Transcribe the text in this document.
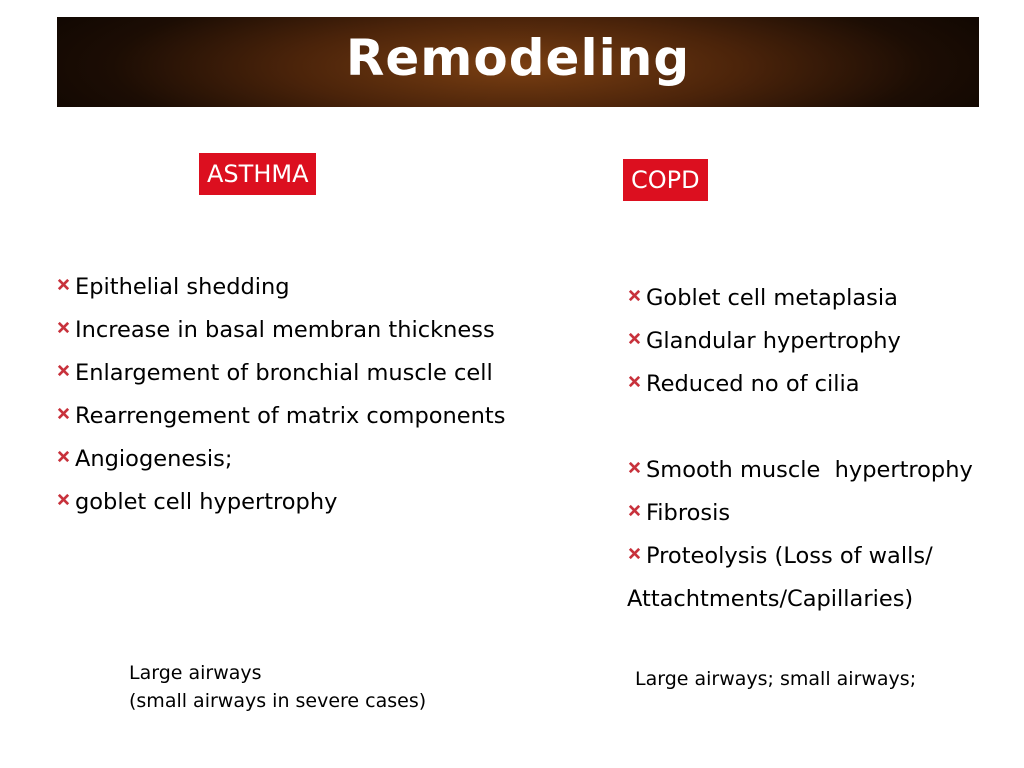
Remodeling
ASTHMA	COPD
Epithelial shedding
Increase in basal membran thickness
Enlargement of bronchial muscle cell
Rearrengement of matrix components
Angiogenesis;
goblet cell hypertrophy
Goblet cell metaplasia
Glandular hypertrophy
Reduced no of cilia
Smooth muscle  hypertrophy
Fibrosis
Proteolysis (Loss of walls/
Attachtments/Capillaries)
Large airways
(small airways in severe cases)
Large airways; small airways;
